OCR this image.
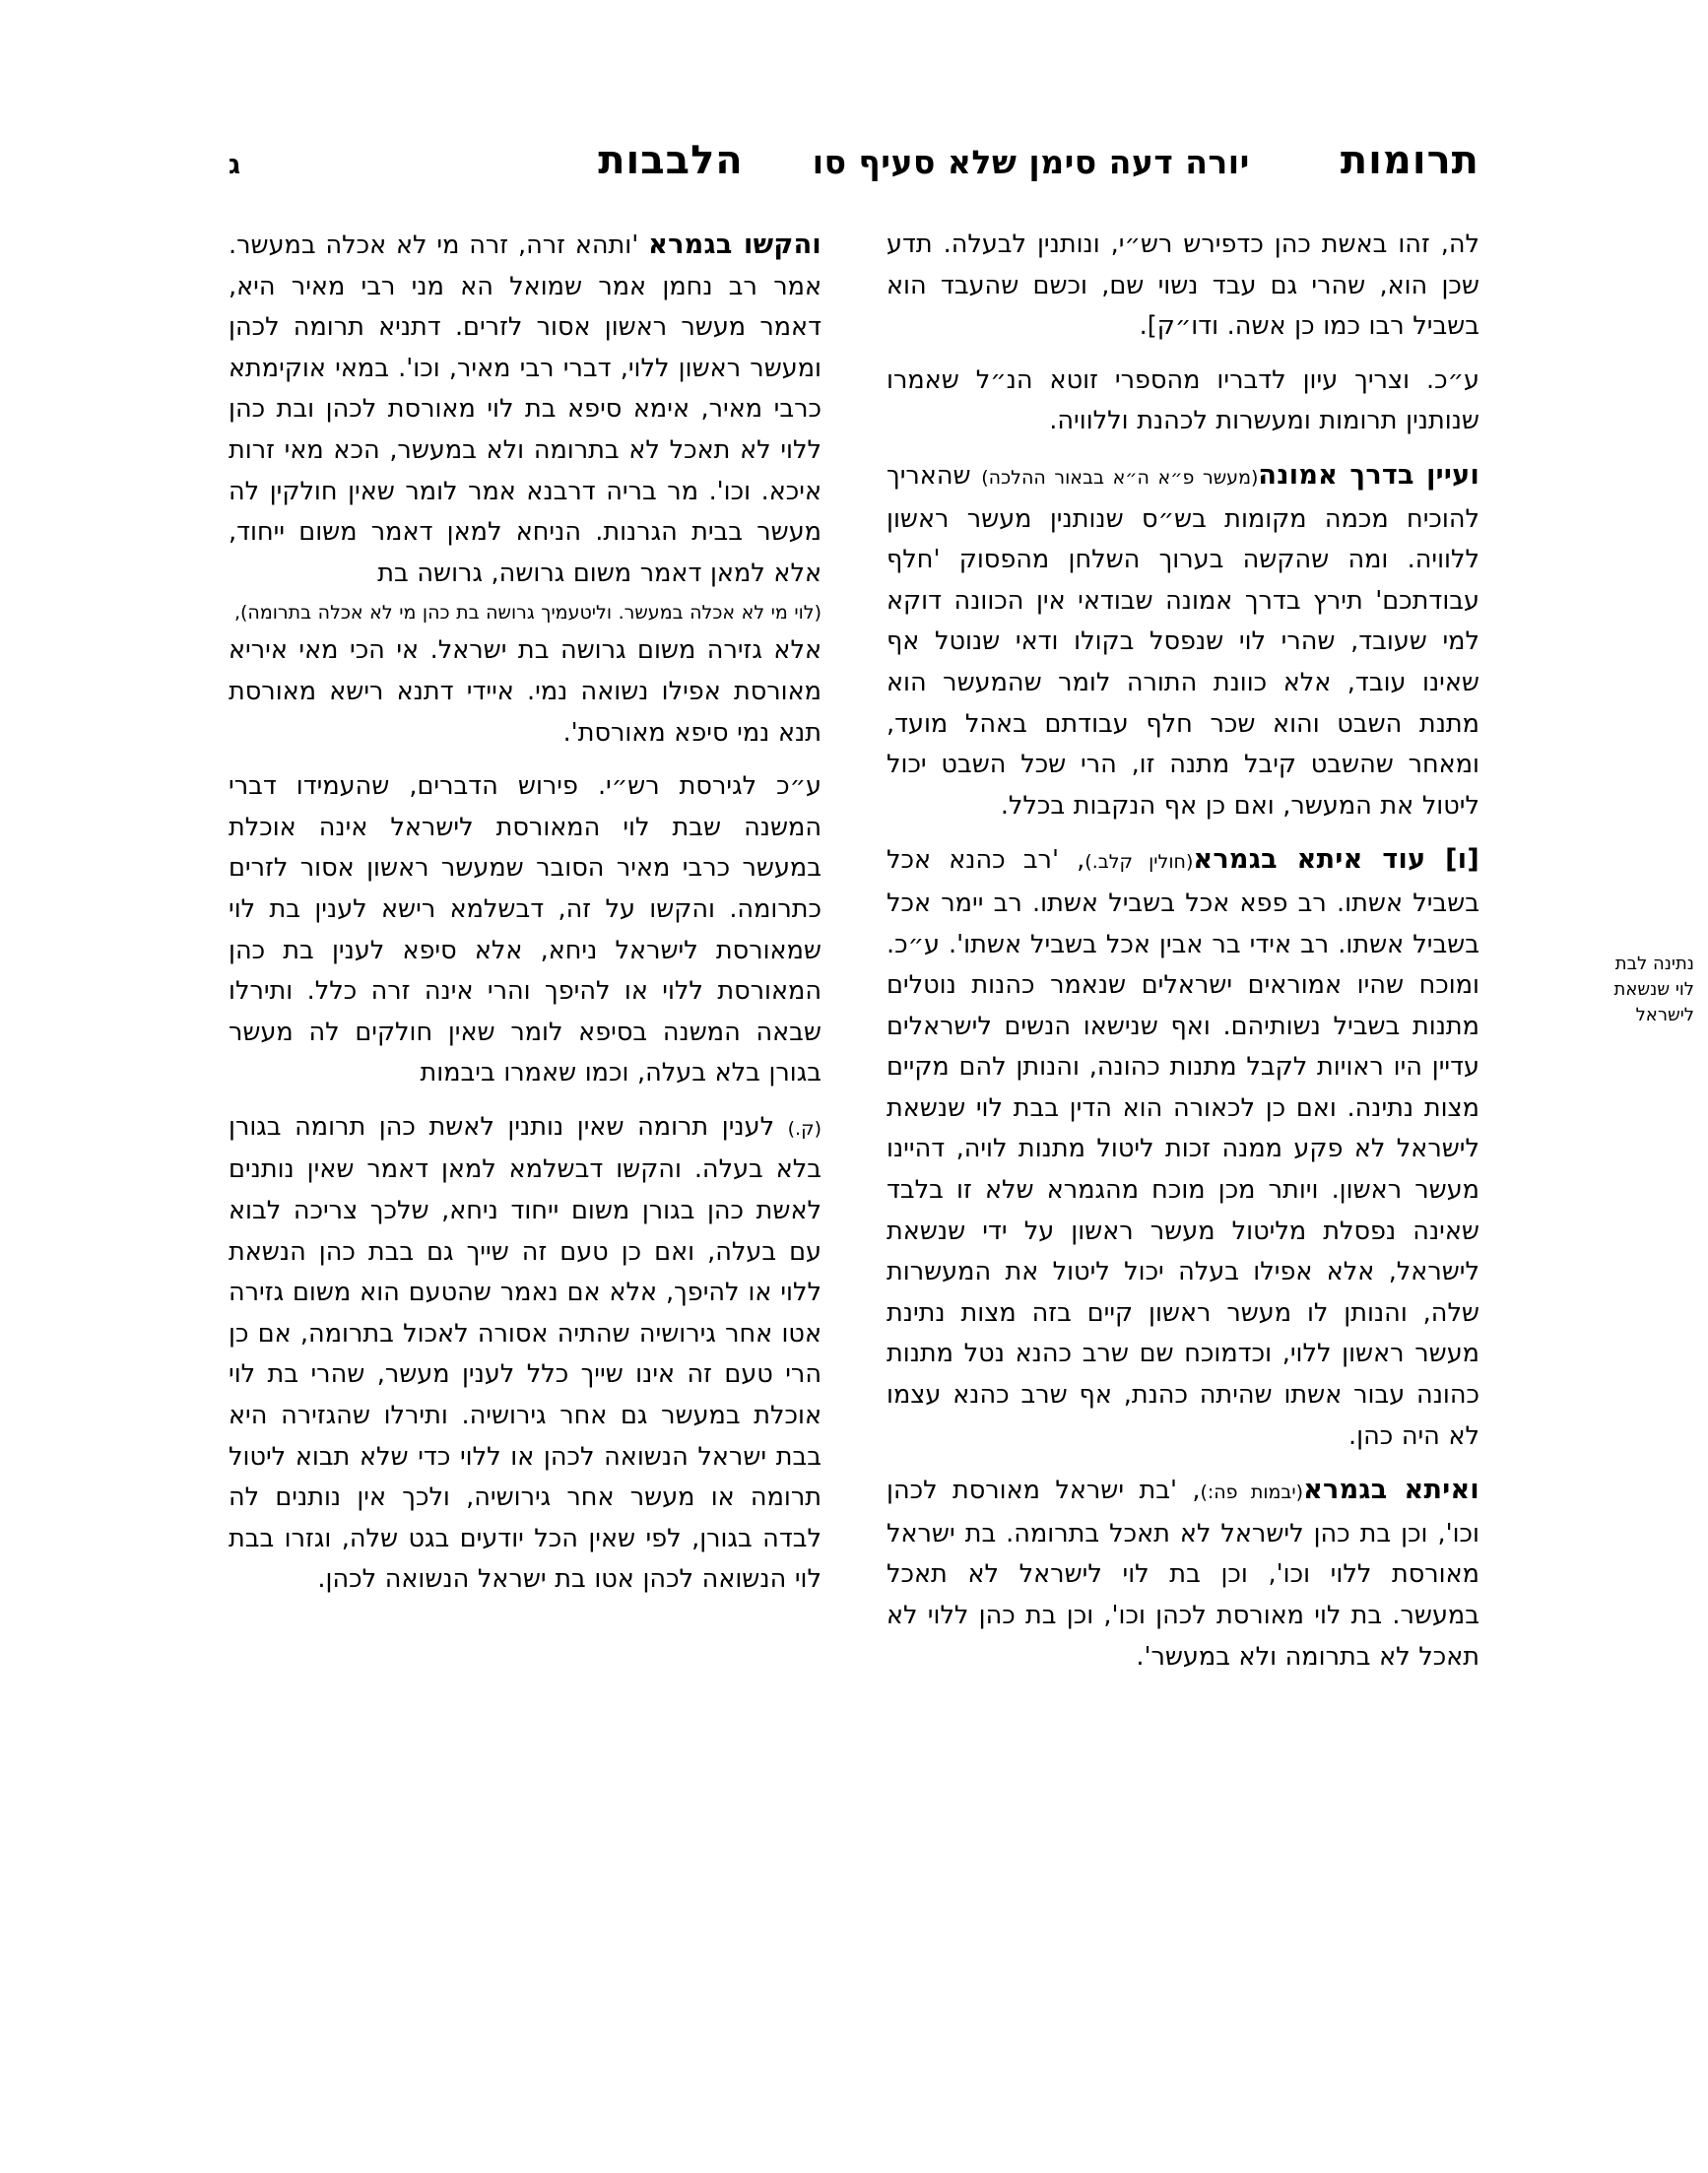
תרומות
יורה דעה סימן שלא סעיף סו
הלבבות
ג

לה, זהו באשת כהן כדפירש רש״י, ונותנין לבעלה. תדע שכן הוא, שהרי גם עבד נשוי שם, וכשם שהעבד הוא בשביל רבו כמו כן אשה. ודו״ק].

ע״כ. וצריך עיון לדבריו מהספרי זוטא הנ״ל שאמרו שנותנין תרומות ומעשרות לכהנת וללוויה.

ועיין בדרך אמונה(מעשר פ״א ה״א בבאור ההלכה) שהאריך להוכיח מכמה מקומות בש״ס שנותנין מעשר ראשון ללוויה. ומה שהקשה בערוך השלחן מהפסוק 'חלף עבודתכם' תירץ בדרך אמונה שבודאי אין הכוונה דוקא למי שעובד, שהרי לוי שנפסל בקולו ודאי שנוטל אף שאינו עובד, אלא כוונת התורה לומר שהמעשר הוא מתנת השבט והוא שכר חלף עבודתם באהל מועד, ומאחר שהשבט קיבל מתנה זו, הרי שכל השבט יכול ליטול את המעשר, ואם כן אף הנקבות בכלל.

[ו] עוד איתא בגמרא(חולין קלב.), 'רב כהנא אכל בשביל אשתו. רב פפא אכל בשביל אשתו. רב יימר אכל בשביל אשתו. רב אידי בר אבין אכל בשביל אשתו'. ע״כ. ומוכח שהיו אמוראים ישראלים שנאמר כהנות נוטלים מתנות בשביל נשותיהם. ואף שנישאו הנשים לישראלים עדיין היו ראויות לקבל מתנות כהונה, והנותן להם מקיים מצות נתינה. ואם כן לכאורה הוא הדין בבת לוי שנשאת לישראל לא פקע ממנה זכות ליטול מתנות לויה, דהיינו מעשר ראשון. ויותר מכן מוכח מהגמרא שלא זו בלבד שאינה נפסלת מליטול מעשר ראשון על ידי שנשאת לישראל, אלא אפילו בעלה יכול ליטול את המעשרות שלה, והנותן לו מעשר ראשון קיים בזה מצות נתינת מעשר ראשון ללוי, וכדמוכח שם שרב כהנא נטל מתנות כהונה עבור אשתו שהיתה כהנת, אף שרב כהנא עצמו לא היה כהן.

ואיתא בגמרא(יבמות פה:), 'בת ישראל מאורסת לכהן וכו', וכן בת כהן לישראל לא תאכל בתרומה. בת ישראל מאורסת ללוי וכו', וכן בת לוי לישראל לא תאכל במעשר. בת לוי מאורסת לכהן וכו', וכן בת כהן ללוי לא תאכל לא בתרומה ולא במעשר'.

והקשו בגמרא 'ותהא זרה, זרה מי לא אכלה במעשר. אמר רב נחמן אמר שמואל הא מני רבי מאיר היא, דאמר מעשר ראשון אסור לזרים. דתניא תרומה לכהן ומעשר ראשון ללוי, דברי רבי מאיר, וכו'. במאי אוקימתא כרבי מאיר, אימא סיפא בת לוי מאורסת לכהן ובת כהן ללוי לא תאכל לא בתרומה ולא במעשר, הכא מאי זרות איכא. וכו'. מר בריה דרבנא אמר לומר שאין חולקין לה מעשר בבית הגרנות. הניחא למאן דאמר משום ייחוד, אלא למאן דאמר משום גרושה, גרושה בת

(לוי מי לא אכלה במעשר. וליטעמיך גרושה בת כהן מי לא אכלה בתרומה),

אלא גזירה משום גרושה בת ישראל. אי הכי מאי איריא מאורסת אפילו נשואה נמי. איידי דתנא רישא מאורסת תנא נמי סיפא מאורסת'.

ע״כ לגירסת רש״י. פירוש הדברים, שהעמידו דברי המשנה שבת לוי המאורסת לישראל אינה אוכלת במעשר כרבי מאיר הסובר שמעשר ראשון אסור לזרים כתרומה. והקשו על זה, דבשלמא רישא לענין בת לוי שמאורסת לישראל ניחא, אלא סיפא לענין בת כהן המאורסת ללוי או להיפך והרי אינה זרה כלל. ותירלו שבאה המשנה בסיפא לומר שאין חולקים לה מעשר בגורן בלא בעלה, וכמו שאמרו ביבמות

(ק.) לענין תרומה שאין נותנין לאשת כהן תרומה בגורן בלא בעלה. והקשו דבשלמא למאן דאמר שאין נותנים לאשת כהן בגורן משום ייחוד ניחא, שלכך צריכה לבוא עם בעלה, ואם כן טעם זה שייך גם בבת כהן הנשאת ללוי או להיפך, אלא אם נאמר שהטעם הוא משום גזירה אטו אחר גירושיה שהתיה אסורה לאכול בתרומה, אם כן הרי טעם זה אינו שייך כלל לענין מעשר, שהרי בת לוי אוכלת במעשר גם אחר גירושיה. ותירלו שהגזירה היא בבת ישראל הנשואה לכהן או ללוי כדי שלא תבוא ליטול תרומה או מעשר אחר גירושיה, ולכך אין נותנים לה לבדה בגורן, לפי שאין הכל יודעים בגט שלה, וגזרו בבת לוי הנשואה לכהן אטו בת ישראל הנשואה לכהן.

נתינה לבת
לוי שנשאת
לישראל
